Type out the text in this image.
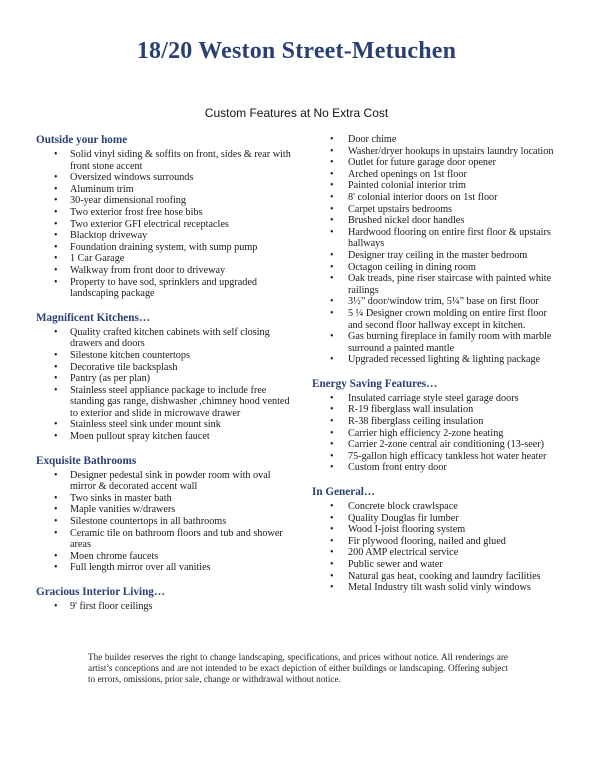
18/20 Weston Street-Metuchen
Custom Features at No Extra Cost
Outside your home
• Solid vinyl siding & soffits on front, sides & rear with front stone accent
• Oversized windows surrounds
• Aluminum trim
• 30-year dimensional roofing
• Two exterior frost free hose bibs
• Two exterior GFI electrical receptacles
• Blacktop driveway
• Foundation draining system, with sump pump
• 1 Car Garage
• Walkway from front door to driveway
• Property to have sod, sprinklers and upgraded landscaping package
Magnificent Kitchens…
• Quality crafted kitchen cabinets with self closing drawers and doors
• Silestone kitchen countertops
• Decorative tile backsplash
• Pantry (as per plan)
• Stainless steel appliance package to include free standing gas range, dishwasher ,chimney hood vented to exterior and slide in microwave drawer
• Stainless steel sink under mount sink
• Moen pullout spray kitchen faucet
Exquisite Bathrooms
• Designer pedestal sink in powder room with oval mirror & decorated accent wall
• Two sinks in master bath
• Maple vanities w/drawers
• Silestone countertops in all bathrooms
• Ceramic tile on bathroom floors and tub and shower areas
• Moen chrome faucets
• Full length mirror over all vanities
Gracious Interior Living…
• 9' first floor ceilings
• Door chime
• Washer/dryer hookups in upstairs laundry location
• Outlet for future garage door opener
• Arched openings on 1st floor
• Painted colonial interior trim
• 8' colonial interior doors on 1st floor
• Carpet upstairs bedrooms
• Brushed nickel door handles
• Hardwood flooring on entire first floor & upstairs hallways
• Designer tray ceiling in the master bedroom
• Octagon ceiling in dining room
• Oak treads, pine riser staircase with painted white railings
• 3½” door/window trim, 5¼” base on first floor
• 5 ¼ Designer crown molding on entire first floor and second floor hallway except in kitchen.
• Gas burning fireplace in family room with marble surround a painted mantle
• Upgraded recessed lighting & lighting package
Energy Saving Features…
• Insulated carriage style steel garage doors
• R-19 fiberglass wall insulation
• R-38 fiberglass ceiling insulation
• Carrier high efficiency 2-zone heating
• Carrier 2-zone central air conditioning (13-seer)
• 75-gallon high efficacy tankless hot water heater
• Custom front entry door
In General…
• Concrete block crawlspace
• Quality Douglas fir lumber
• Wood I-joist flooring system
• Fir plywood flooring, nailed and glued
• 200 AMP electrical service
• Public sewer and water
• Natural gas heat, cooking and laundry facilities
• Metal Industry tilt wash solid vinly windows
The builder reserves the right to change landscaping, specifications, and prices without notice. All renderings are artist’s conceptions and are not intended to be exact depiction of either buildings or landscaping. Offering subject to errors, omissions, prior sale, change or withdrawal without notice.
